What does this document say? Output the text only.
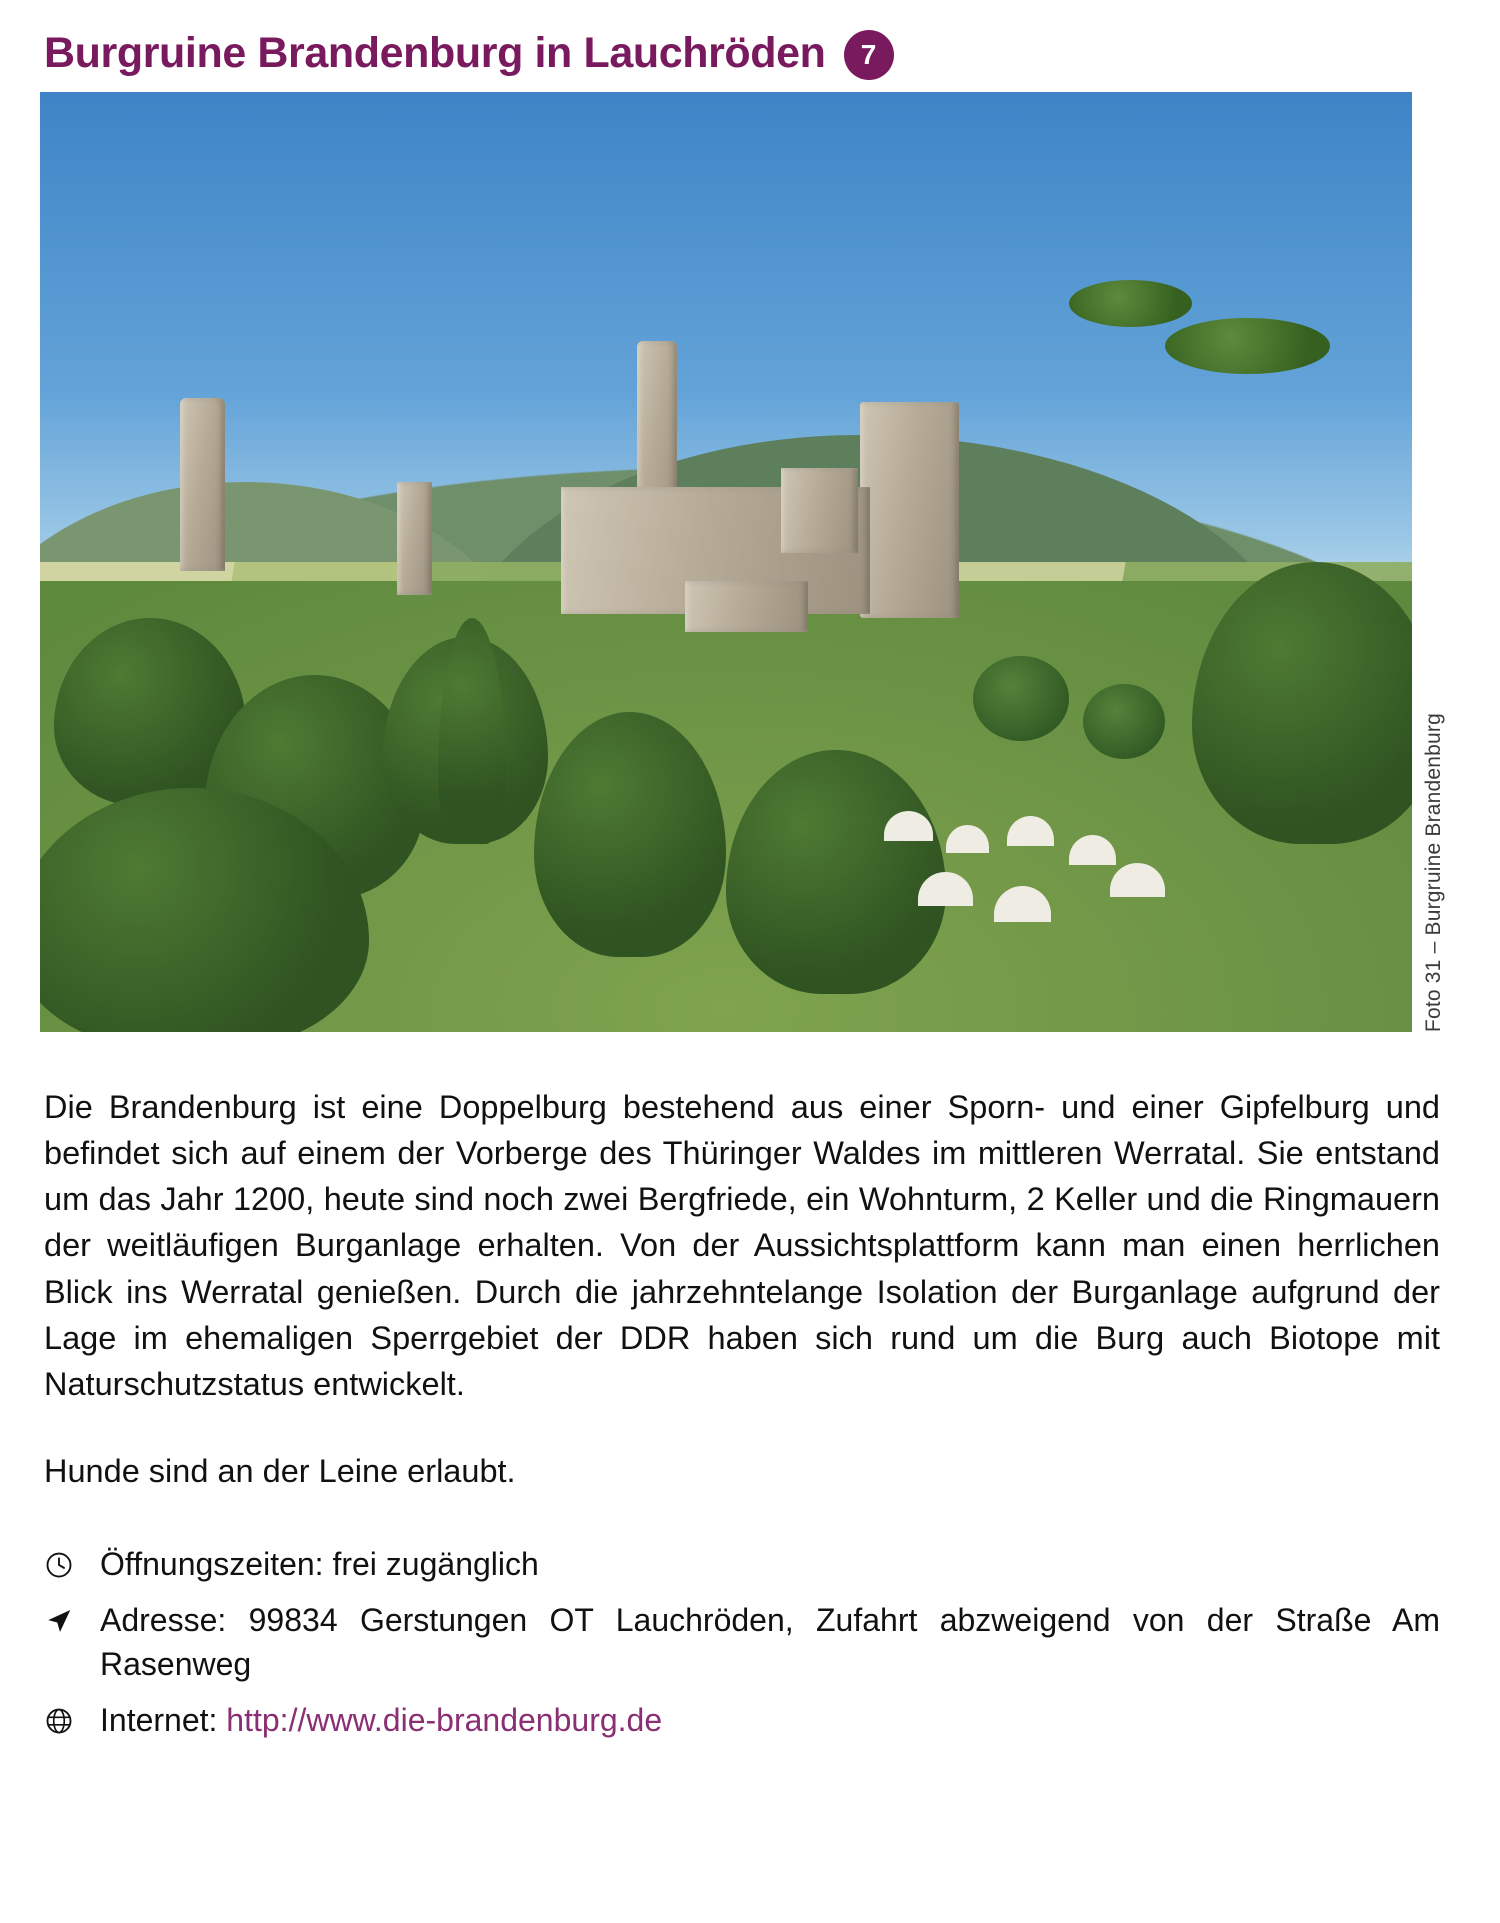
Burgruine Brandenburg in Lauchröden	7
Foto 31 – Burgruine Brandenburg

Die Brandenburg ist eine Doppelburg bestehend aus einer Sporn- und einer Gipfelburg und befindet sich auf einem der Vorberge des Thüringer Waldes im mittleren Werratal. Sie entstand um das Jahr 1200, heute sind noch zwei Bergfriede, ein Wohnturm, 2 Keller und die Ringmauern der weitläufigen Burganlage erhalten. Von der Aussichtsplattform kann man einen herrlichen Blick ins Werratal genießen. Durch die jahrzehntelange Isolation der Burganlage aufgrund der Lage im ehemaligen Sperrgebiet der DDR haben sich rund um die Burg auch Biotope mit Naturschutzstatus entwickelt.

Hunde sind an der Leine erlaubt.
Öffnungszeiten: frei zugänglich
Adresse: 99834 Gerstungen OT Lauchröden, Zufahrt abzweigend von der Straße Am Rasenweg
Internet: http://www.die-brandenburg.de
